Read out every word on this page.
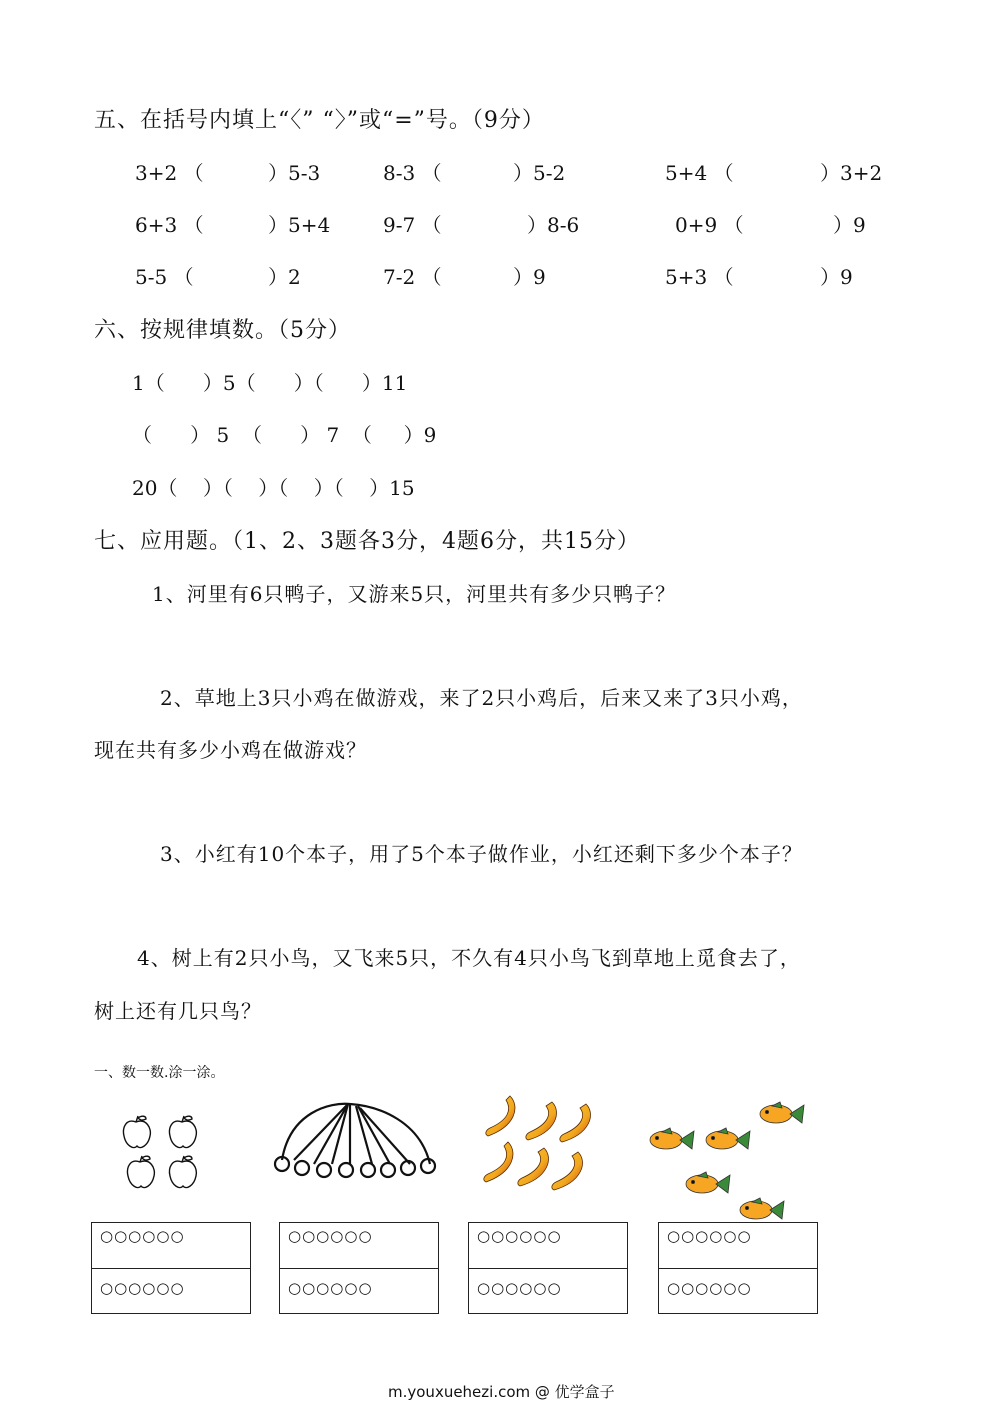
五、在括号内填上“〈” “〉”或“=”号。（9分）
3+2 （	）5-3	8-3 （	）5-2	5+4 （	）3+2
6+3 （	）5+4	9-7 （	）8-6	0+9 （	）9
5-5 （	）2	7-2 （	）9	5+3 （	）9
六、按规律填数。（5分）
1（      ）5（      ）（      ）11
（      ） 5  （      ） 7  （     ）9
20（    ）（    ）（    ）（    ）15
七、应用题。（1、2、3题各3分，4题6分，共15分）
1、河里有6只鸭子，又游来5只，河里共有多少只鸭子？
2、草地上3只小鸡在做游戏，来了2只小鸡后，后来又来了3只小鸡，
现在共有多少小鸡在做游戏？
3、小红有10个本子，用了5个本子做作业，小红还剩下多少个本子？
4、树上有2只小鸟，又飞来5只，不久有4只小鸟飞到草地上觅食去了，
树上还有几只鸟？
一、数一数.涂一涂。
○○○○○○
○○○○○○
○○○○○○
○○○○○○
○○○○○○
○○○○○○
○○○○○○
○○○○○○
m.youxuehezi.com @ 优学盒子
